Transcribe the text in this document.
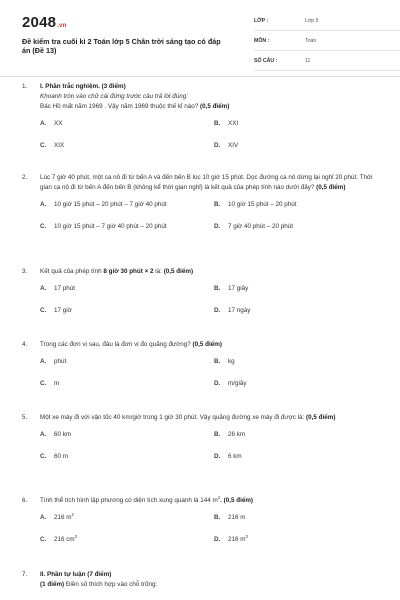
2048.vn
Đề kiểm tra cuối kì 2 Toán lớp 5 Chân trời sáng tạo có đáp án (Đề 13)
LỚP :	Lớp 5
MÔN :	Toán
SỐ CÂU :	11
1. I. Phần trắc nghiệm. (3 điểm)
Khoanh tròn vào chữ cái đứng trước câu trả lời đúng:
Bác Hồ mất năm 1969 . Vậy năm 1969 thuộc thế kỉ nào? (0,5 điểm)
A. XX	B. XXI
C. XIX	D. XIV
2. Lúc 7 giờ 40 phút, một ca nô đi từ bến A và đến bến B lúc 10 giờ 15 phút. Dọc đường ca nô dừng lại nghỉ 20 phút. Thời gian ca nô đi từ bến A đến bến B (không kể thời gian nghỉ) là kết quả của phép tính nào dưới đây? (0,5 điểm)
A. 10 giờ 15 phút – 20 phút – 7 giờ 40 phút	B. 10 giờ 15 phút – 20 phút
C. 10 giờ 15 phút – 7 giờ 40 phút – 20 phút	D. 7 giờ 40 phút – 20 phút
3. Kết quả của phép tính 8 giờ 30 phút × 2 là: (0,5 điểm)
A. 17 phút	B. 17 giây
C. 17 giờ	D. 17 ngày
4. Trong các đơn vị sau, đâu là đơn vị đo quãng đường? (0,5 điểm)
A. phút	B. kg
C. m	D. m/giây
5. Một xe máy đi với vận tốc 40 km/giờ trong 1 giờ 30 phút. Vậy quãng đường xe máy đi được là: (0,5 điểm)
A. 60 km	B. 26 km
C. 60 m	D. 6 km
6. Tính thể tích hình lập phương có diện tích xung quanh là 144 $m^2$. (0,5 điểm)
A. 216 $m^2$	B. 216 m
C. 216 $cm^3$	D. 216 $m^3$
7. II. Phần tự luận (7 điểm)
(1 điểm) Điền số thích hợp vào chỗ trống:
